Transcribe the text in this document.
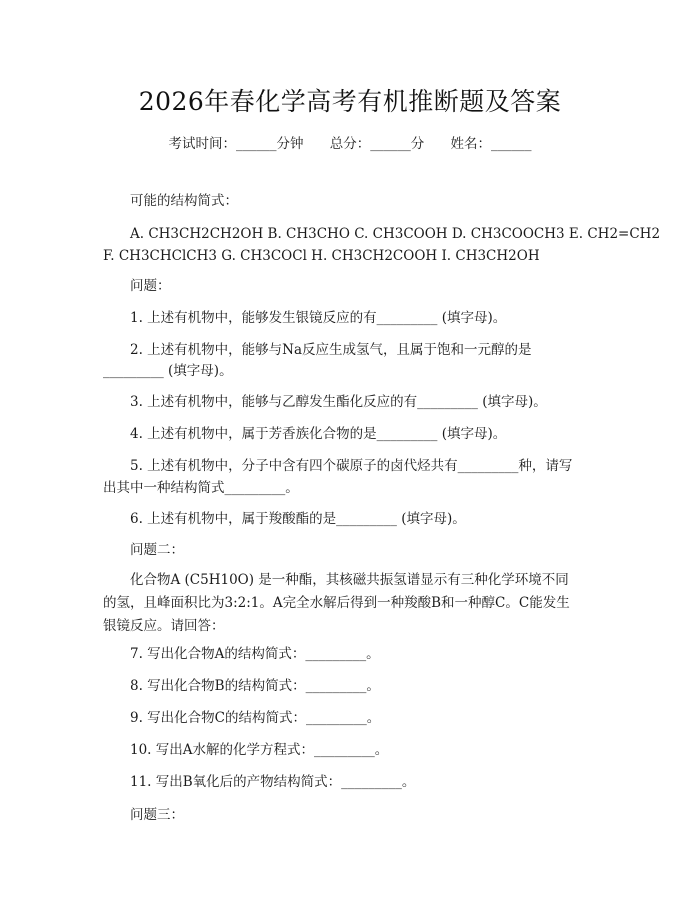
2026年春化学高考有机推断题及答案
考试时间：______分钟 总分：______分 姓名：______
可能的结构简式：
A. CH3CH2CH2OH B. CH3CHO C. CH3COOH D. CH3COOCH3 E. CH2=CH2
F. CH3CHClCH3 G. CH3COCl H. CH3CH2COOH I. CH3CH2OH
问题：
1. 上述有机物中，能够发生银镜反应的有_________ (填字母)。
2. 上述有机物中，能够与Na反应生成氢气，且属于饱和一元醇的是
_________ (填字母)。
3. 上述有机物中，能够与乙醇发生酯化反应的有_________ (填字母)。
4. 上述有机物中，属于芳香族化合物的是_________ (填字母)。
5. 上述有机物中，分子中含有四个碳原子的卤代烃共有_________种，请写
出其中一种结构简式_________。
6. 上述有机物中，属于羧酸酯的是_________ (填字母)。
问题二：
化合物A (C5H10O) 是一种酯，其核磁共振氢谱显示有三种化学环境不同的氢，且峰面积比为3:2:1。A完全水解后得到一种羧酸B和一种醇C。C能发生银镜反应。请回答：
7. 写出化合物A的结构简式：_________。
8. 写出化合物B的结构简式：_________。
9. 写出化合物C的结构简式：_________。
10. 写出A水解的化学方程式：_________。
11. 写出B氧化后的产物结构简式：_________。
问题三：
